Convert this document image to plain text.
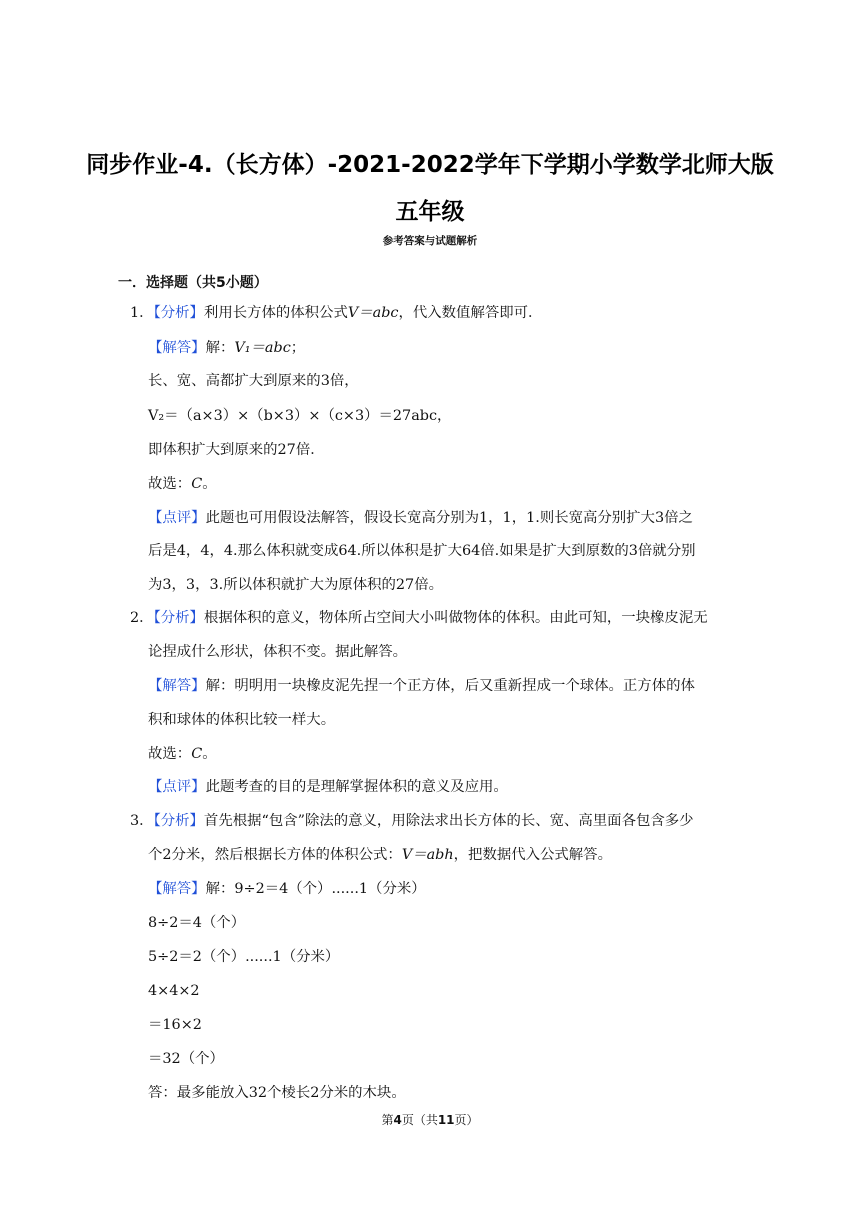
同步作业-4.（长方体）-2021-2022学年下学期小学数学北师大版
五年级
参考答案与试题解析
一．选择题（共5小题）
1．【分析】利用长方体的体积公式V＝abc，代入数值解答即可．
【解答】解：V₁＝abc；
长、宽、高都扩大到原来的3倍，
V₂＝（a×3）×（b×3）×（c×3）＝27abc，
即体积扩大到原来的27倍．
故选：C。
【点评】此题也可用假设法解答，假设长宽高分别为1，1，1.则长宽高分别扩大3倍之
后是4，4，4.那么体积就变成64.所以体积是扩大64倍.如果是扩大到原数的3倍就分别
为3，3，3.所以体积就扩大为原体积的27倍。
2．【分析】根据体积的意义，物体所占空间大小叫做物体的体积。由此可知，一块橡皮泥无
论捏成什么形状，体积不变。据此解答。
【解答】解：明明用一块橡皮泥先捏一个正方体，后又重新捏成一个球体。正方体的体
积和球体的体积比较一样大。
故选：C。
【点评】此题考查的目的是理解掌握体积的意义及应用。
3．【分析】首先根据“包含”除法的意义，用除法求出长方体的长、宽、高里面各包含多少
个2分米，然后根据长方体的体积公式：V＝abh，把数据代入公式解答。
【解答】解：9÷2＝4（个）......1（分米）
8÷2＝4（个）
5÷2＝2（个）......1（分米）
4×4×2
＝16×2
＝32（个）
答：最多能放入32个棱长2分米的木块。
第4页（共11页）
